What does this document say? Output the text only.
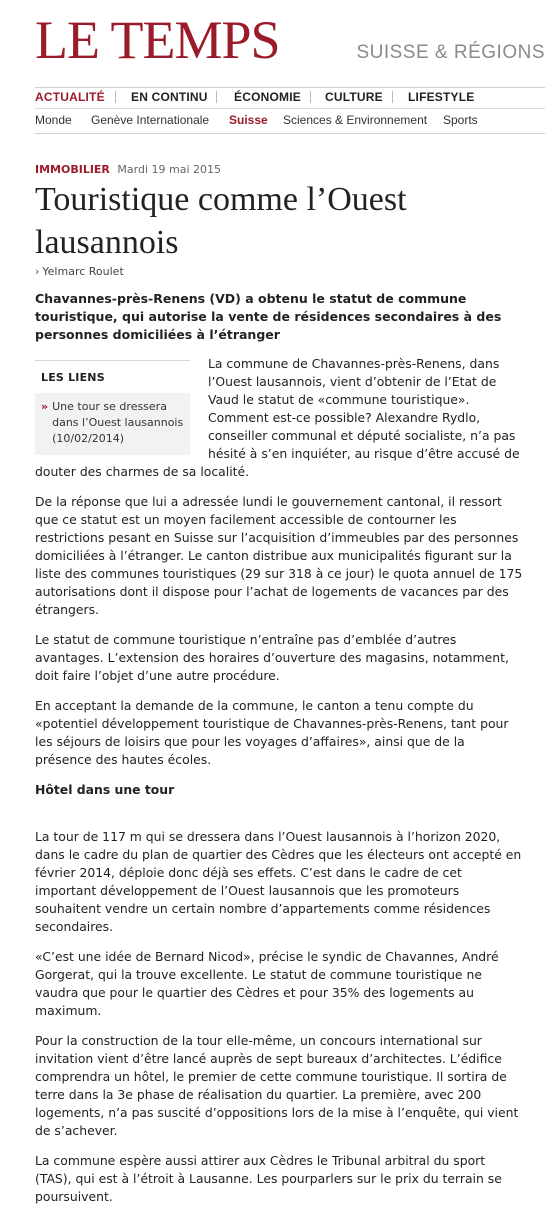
LE TEMPS	SUISSE & RÉGIONS
ACTUALITÉ EN CONTINU ÉCONOMIE CULTURE LIFESTYLE
Monde Genève Internationale Suisse Sciences & Environnement Sports
IMMOBILIER Mardi 19 mai 2015
Touristique comme l’Ouest lausannois
› Yelmarc Roulet

Chavannes-près-Renens (VD) a obtenu le statut de commune touristique, qui autorise la vente de résidences secondaires à des personnes domiciliées à l’étranger

LES LIENS
» Une tour se dressera dans l’Ouest lausannois (10/02/2014)

La commune de Chavannes-près-Renens, dans l’Ouest lausannois, vient d’obtenir de l’Etat de Vaud le statut de «commune touristique». Comment est-ce possible? Alexandre Rydlo, conseiller communal et député socialiste, n’a pas hésité à s’en inquiéter, au risque d’être accusé de douter des charmes de sa localité.

De la réponse que lui a adressée lundi le gouvernement cantonal, il ressort que ce statut est un moyen facilement accessible de contourner les restrictions pesant en Suisse sur l’acquisition d’immeubles par des personnes domiciliées à l’étranger. Le canton distribue aux municipalités figurant sur la liste des communes touristiques (29 sur 318 à ce jour) le quota annuel de 175 autorisations dont il dispose pour l’achat de logements de vacances par des étrangers.

Le statut de commune touristique n’entraîne pas d’emblée d’autres avantages. L’extension des horaires d’ouverture des magasins, notamment, doit faire l’objet d’une autre procédure.

En acceptant la demande de la commune, le canton a tenu compte du «potentiel développement touristique de Chavannes-près-Renens, tant pour les séjours de loisirs que pour les voyages d’affaires», ainsi que de la présence des hautes écoles.

Hôtel dans une tour

La tour de 117 m qui se dressera dans l’Ouest lausannois à l’horizon 2020, dans le cadre du plan de quartier des Cèdres que les électeurs ont accepté en février 2014, déploie donc déjà ses effets. C’est dans le cadre de cet important développement de l’Ouest lausannois que les promoteurs souhaitent vendre un certain nombre d’appartements comme résidences secondaires.

«C’est une idée de Bernard Nicod», précise le syndic de Chavannes, André Gorgerat, qui la trouve excellente. Le statut de commune touristique ne vaudra que pour le quartier des Cèdres et pour 35% des logements au maximum.

Pour la construction de la tour elle-même, un concours international sur invitation vient d’être lancé auprès de sept bureaux d’architectes. L’édifice comprendra un hôtel, le premier de cette commune touristique. Il sortira de terre dans la 3e phase de réalisation du quartier. La première, avec 200 logements, n’a pas suscité d’oppositions lors de la mise à l’enquête, qui vient de s’achever.

La commune espère aussi attirer aux Cèdres le Tribunal arbitral du sport (TAS), qui est à l’étroit à Lausanne. Les pourparlers sur le prix du terrain se poursuivent.
